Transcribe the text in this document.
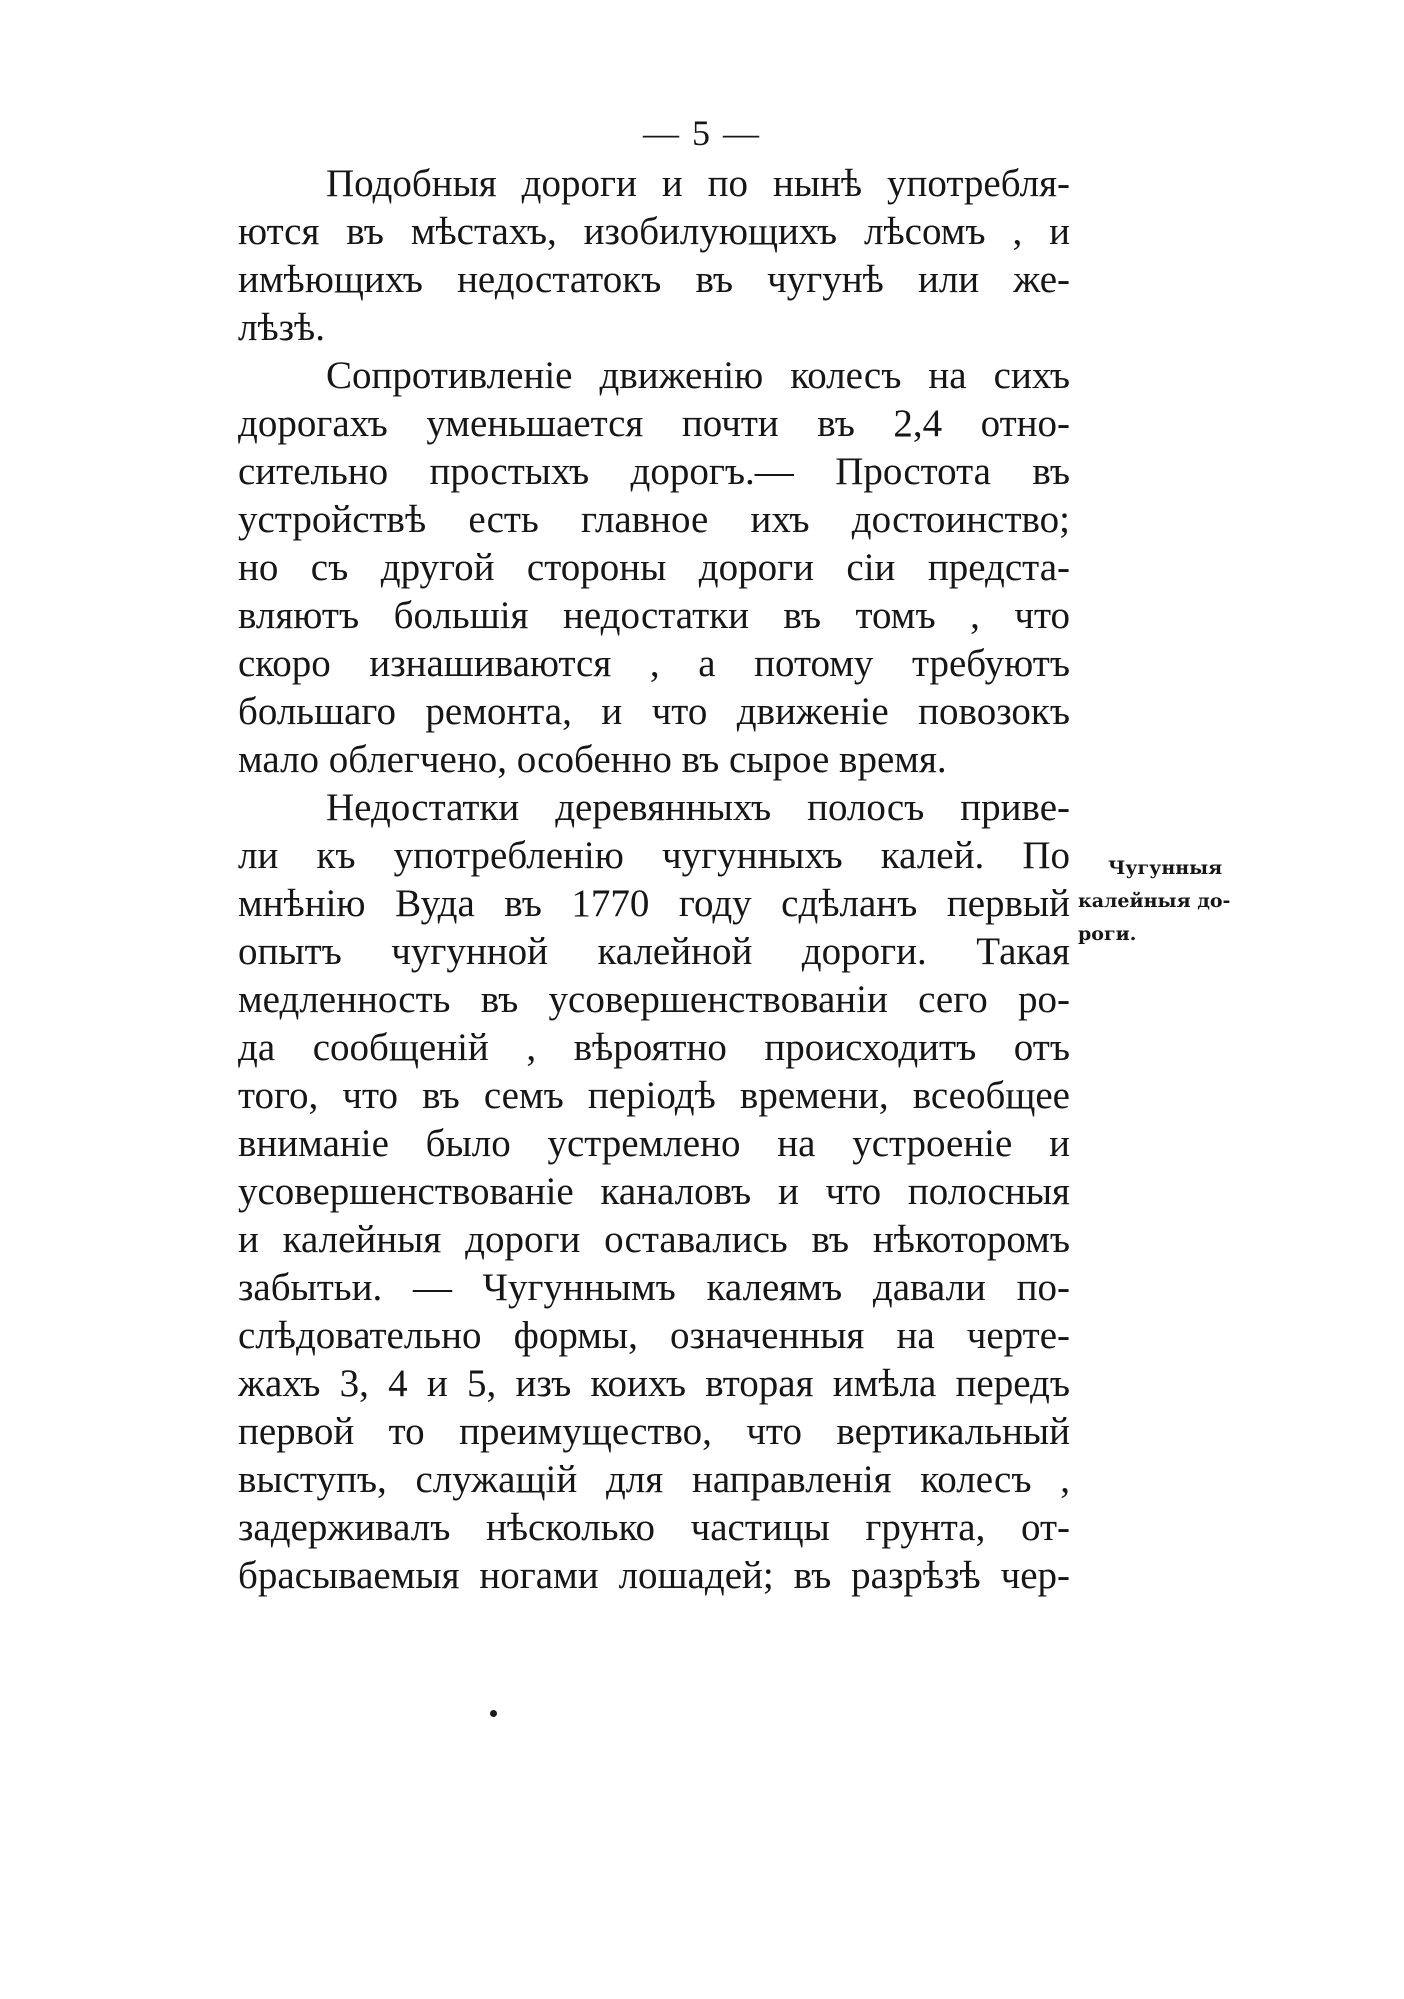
— 5 —
Подобныя дороги и по нынѣ употребля-
ются въ мѣстахъ, изобилующихъ лѣсомъ , и
имѣющихъ недостатокъ въ чугунѣ или же-
лѣзѣ.
Сопротивленіе движенію колесъ на сихъ
дорогахъ уменьшается почти въ 2,4 отно-
сительно простыхъ дорогъ.— Простота въ
устройствѣ есть главное ихъ достоинство;
но съ другой стороны дороги сіи предста-
вляютъ большія недостатки въ томъ , что
скоро изнашиваются , а потому требуютъ
большаго ремонта, и что движеніе повозокъ
мало облегчено, особенно въ сырое время.
Недостатки деревянныхъ полосъ приве-
ли къ употребленію чугунныхъ калей. По
мнѣнію Вуда въ 1770 году сдѣланъ первый
опытъ чугунной калейной дороги. Такая
медленность въ усовершенствованіи сего ро-
да сообщеній , вѣроятно происходитъ отъ
того, что въ семъ періодѣ времени, всеобщее
вниманіе было устремлено на устроеніе и
усовершенствованіе каналовъ и что полосныя
и калейныя дороги оставались въ нѣкоторомъ
забытьи. — Чугуннымъ калеямъ давали по-
слѣдовательно формы, означенныя на черте-
жахъ 3, 4 и 5, изъ коихъ вторая имѣла передъ
первой то преимущество, что вертикальный
выступъ, служащій для направленія колесъ ,
задерживалъ нѣсколько частицы грунта, от-
брасываемыя ногами лошадей; въ разрѣзѣ чер-
Чугунныя
калейныя до-
роги.
